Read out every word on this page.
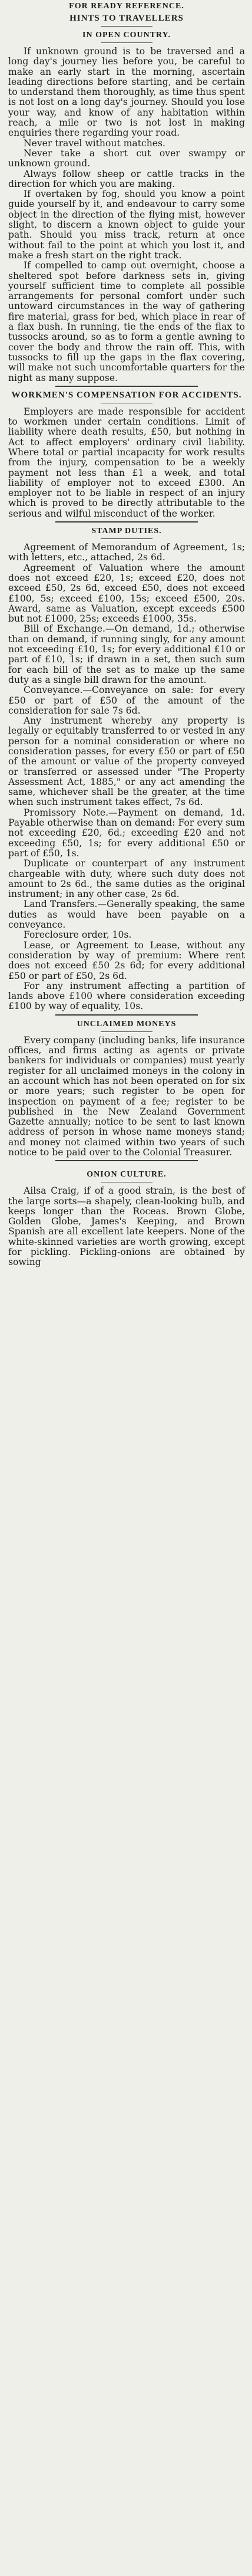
FOR READY REFERENCE.
HINTS TO TRAVELLERS
IN OPEN COUNTRY.

If unknown ground is to be traversed and a long day's journey lies before you, be careful to make an early start in the morning, ascertain leading directions before starting, and be certain to understand them thoroughly, as time thus spent is not lost on a long day's journey. Should you lose your way, and know of any habitation within reach, a mile or two is not lost in making enquiries there regarding your road.

Never travel without matches.

Never take a short cut over swampy or unknown ground.

Always follow sheep or cattle tracks in the direction for which you are making.

If overtaken by fog, should you know a point guide yourself by it, and endeavour to carry some object in the direction of the flying mist, however slight, to discern a known object to guide your path. Should you miss track, return at once without fail to the point at which you lost it, and make a fresh start on the right track.

If compelled to camp out overnight, choose a sheltered spot before darkness sets in, giving yourself sufficient time to complete all possible arrangements for personal comfort under such untoward circumstances in the way of gathering fire material, grass for bed, which place in rear of a flax bush. In running, tie the ends of the flax to tussocks around, so as to form a gentle awning to cover the body and throw the rain off. This, with tussocks to fill up the gaps in the flax covering, will make not such uncomfortable quarters for the night as many suppose.

WORKMEN'S COMPENSATION FOR ACCIDENTS.

Employers are made responsible for accident to workmen under certain conditions. Limit of liability where death results, £50, but nothing in Act to affect employers' ordinary civil liability. Where total or partial incapacity for work results from the injury, compensation to be a weekly payment not less than £1 a week, and total liability of employer not to exceed £300. An employer not to be liable in respect of an injury which is proved to be directly attributable to the serious and wilful misconduct of the worker.

STAMP DUTIES.

Agreement of Memorandum of Agreement, 1s; with letters, etc., attached, 2s 6d.

Agreement of Valuation where the amount does not exceed £20, 1s; exceed £20, does not exceed £50, 2s 6d, exceed £50, does not exceed £100, 5s; exceed £100, 15s; exceed £500, 20s. Award, same as Valuation, except exceeds £500 but not £1000, 25s; exceeds £1000, 35s.

Bill of Exchange.—On demand, 1d.; otherwise than on demand, if running singly, for any amount not exceeding £10, 1s; for every additional £10 or part of £10, 1s; if drawn in a set, then such sum for each bill of the set as to make up the same duty as a single bill drawn for the amount.

Conveyance.—Conveyance on sale: for every £50 or part of £50 of the amount of the consideration for sale 7s 6d.

Any instrument whereby any property is legally or equitably transferred to or vested in any person for a nominal consideration or where no consideration passes, for every £50 or part of £50 of the amount or value of the property conveyed or transferred or assessed under "The Property Assessment Act, 1885," or any act amending the same, whichever shall be the greater, at the time when such instrument takes effect, 7s 6d.

Promissory Note.—Payment on demand, 1d. Payable otherwise than on demand: For every sum not exceeding £20, 6d.; exceeding £20 and not exceeding £50, 1s; for every additional £50 or part of £50, 1s.

Duplicate or counterpart of any instrument chargeable with duty, where such duty does not amount to 2s 6d., the same duties as the original instrument; in any other case, 2s 6d.

Land Transfers.—Generally speaking, the same duties as would have been payable on a conveyance.

Foreclosure order, 10s.

Lease, or Agreement to Lease, without any consideration by way of premium: Where rent does not exceed £50 2s 6d; for every additional £50 or part of £50, 2s 6d.

For any instrument affecting a partition of lands above £100 where consideration exceeding £100 by way of equality, 10s.

UNCLAIMED MONEYS

Every company (including banks, life insurance offices, and firms acting as agents or private bankers for individuals or companies) must yearly register for all unclaimed moneys in the colony in an account which has not been operated on for six or more years; such register to be open for inspection on payment of a fee; register to be published in the New Zealand Government Gazette annually; notice to be sent to last known address of person in whose name moneys stand; and money not claimed within two years of such notice to be paid over to the Colonial Treasurer.

ONION CULTURE.

Ailsa Craig, if of a good strain, is the best of the large sorts—a shapely, clean-looking bulb, and keeps longer than the Roceas. Brown Globe, Golden Globe, James's Keeping, and Brown Spanish are all excellent late keepers. None of the white-skinned varieties are worth growing, except for pickling. Pickling-onions are obtained by sowing
